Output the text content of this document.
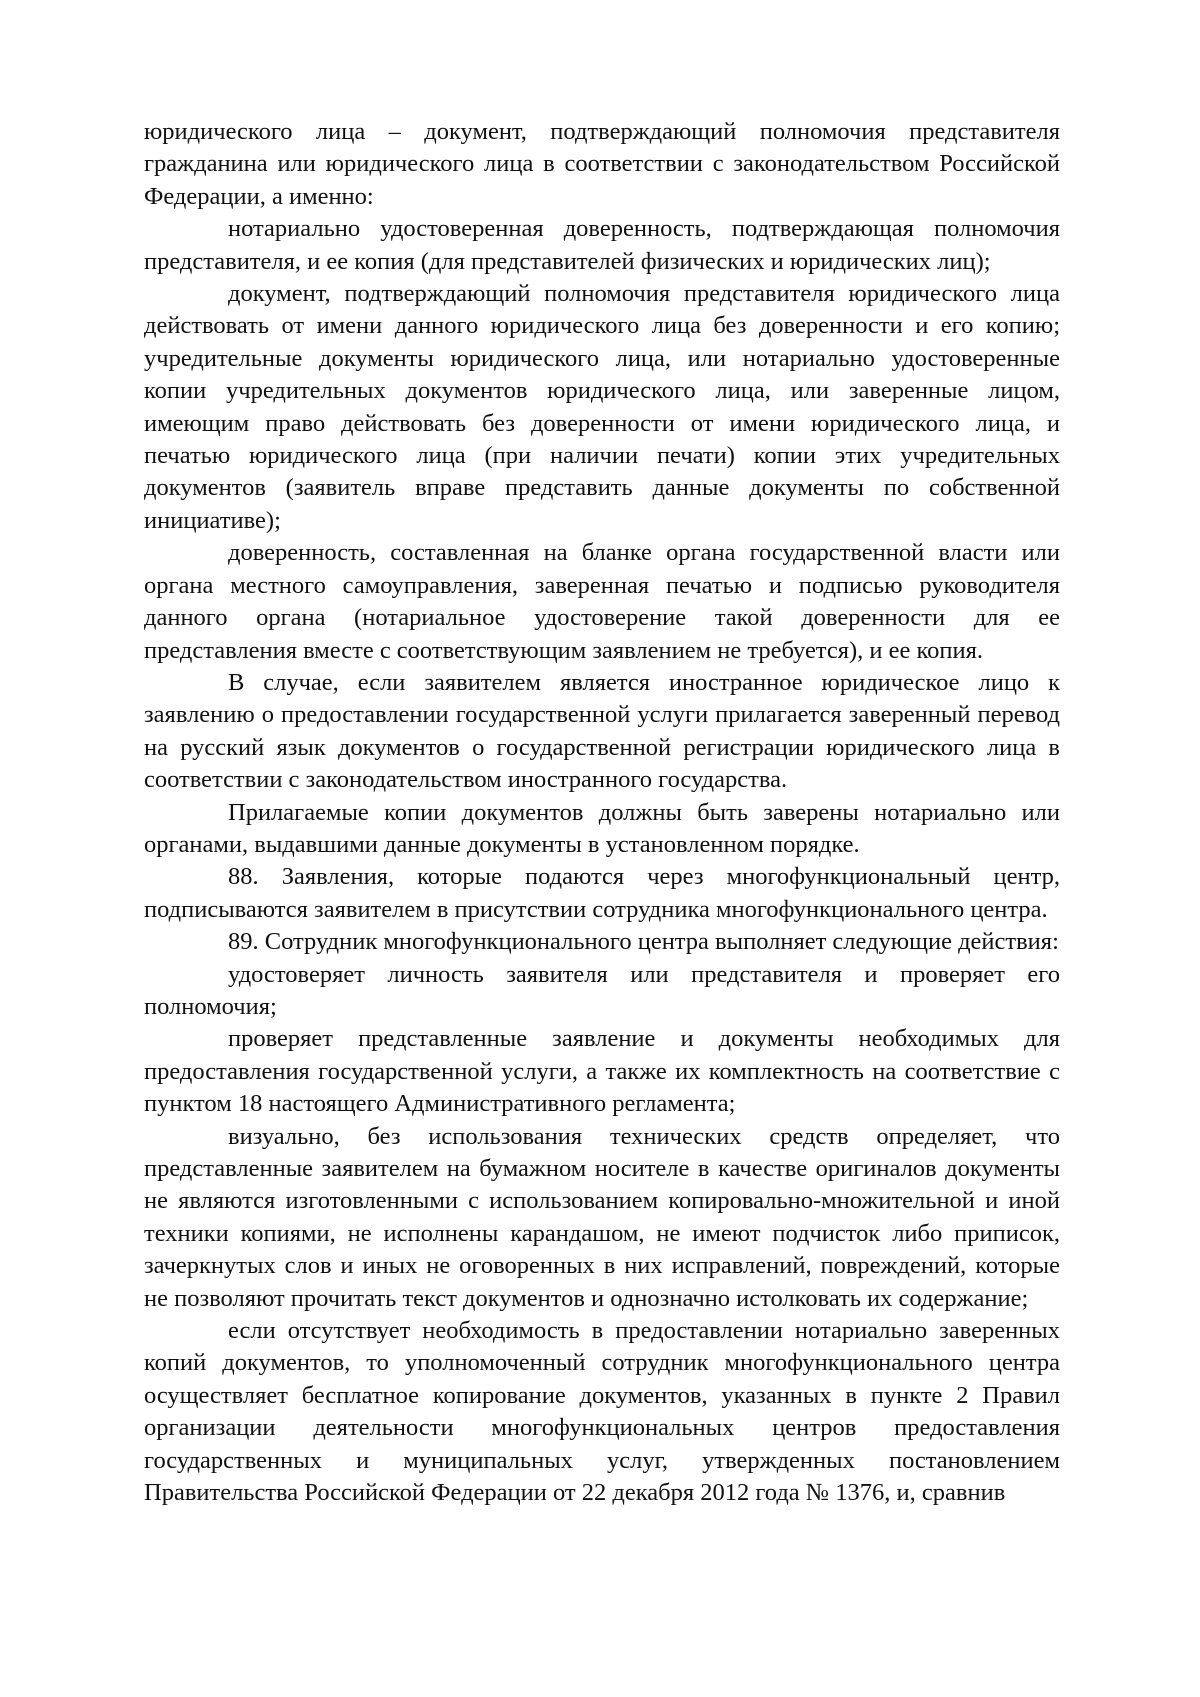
юридического лица – документ, подтверждающий полномочия представителя гражданина или юридического лица в соответствии с законодательством Российской Федерации, а именно:

нотариально удостоверенная доверенность, подтверждающая полномочия представителя, и ее копия (для представителей физических и юридических лиц);

документ, подтверждающий полномочия представителя юридического лица действовать от имени данного юридического лица без доверенности и его копию; учредительные документы юридического лица, или нотариально удостоверенные копии учредительных документов юридического лица, или заверенные лицом, имеющим право действовать без доверенности от имени юридического лица, и печатью юридического лица (при наличии печати) копии этих учредительных документов (заявитель вправе представить данные документы по собственной инициативе);

доверенность, составленная на бланке органа государственной власти или органа местного самоуправления, заверенная печатью и подписью руководителя данного органа (нотариальное удостоверение такой доверенности для ее представления вместе с соответствующим заявлением не требуется), и ее копия.

В случае, если заявителем является иностранное юридическое лицо к заявлению о предоставлении государственной услуги прилагается заверенный перевод на русский язык документов о государственной регистрации юридического лица в соответствии с законодательством иностранного государства.

Прилагаемые копии документов должны быть заверены нотариально или органами, выдавшими данные документы в установленном порядке.

88. Заявления, которые подаются через многофункциональный центр, подписываются заявителем в присутствии сотрудника многофункционального центра.

89. Сотрудник многофункционального центра выполняет следующие действия:

удостоверяет личность заявителя или представителя и проверяет его полномочия;

проверяет представленные заявление и документы необходимых для предоставления государственной услуги, а также их комплектность на соответствие с пунктом 18 настоящего Административного регламента;

визуально, без использования технических средств определяет, что представленные заявителем на бумажном носителе в качестве оригиналов документы не являются изготовленными с использованием копировально-множительной и иной техники копиями, не исполнены карандашом, не имеют подчисток либо приписок, зачеркнутых слов и иных не оговоренных в них исправлений, повреждений, которые не позволяют прочитать текст документов и однозначно истолковать их содержание;

если отсутствует необходимость в предоставлении нотариально заверенных копий документов, то уполномоченный сотрудник многофункционального центра осуществляет бесплатное копирование документов, указанных в пункте 2 Правил организации деятельности многофункциональных центров предоставления государственных и муниципальных услуг, утвержденных постановлением Правительства Российской Федерации от 22 декабря 2012 года № 1376, и, сравнив
